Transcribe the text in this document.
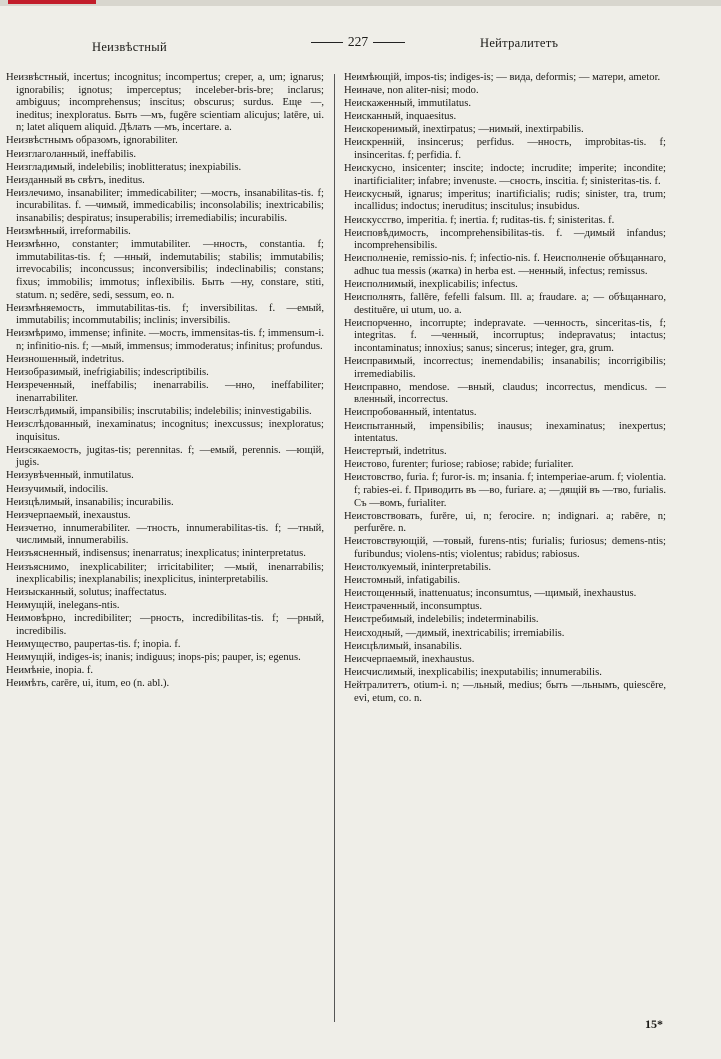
Неизвѣстный	227	Нейтралитетъ
Неизвѣстный, incertus; incognitus; incompertus; creper, a, um; ignarus; ignorabilis; ignotus; imperceptus; inceleber-bris-bre; inclarus; ambiguus; incomprehensus; inscitus; obscurus; surdus. Еще —, ineditus; inexploratus. Быть —мъ, fugěre scientiam alicujus; latēre, ui. n; latet aliquem aliquid. Дѣлать —мъ, incertare. a.
Неизвѣстнымъ образомъ, ignorabiliter.
Неизглаголанный, ineffabilis.
Неизгладимый, indelebilis; inoblitteratus; inexpiabilis.
Неизданный въ свѣтъ, ineditus.
Неизлечимо, insanabiliter; immedicabiliter; —мость, insanabilitas-tis. f; incurabilitas. f. —чимый, immedicabilis; inconsolabilis; inextricabilis; insanabilis; despiratus; insuperabilis; irremediabilis; incurabilis.
Неизмѣнный, irreformabilis.
Неизмѣнно, constanter; immutabiliter. —нность, constantia. f; immutabilitas-tis. f; —нный, indemutabilis; stabilis; immutabilis; irrevocabilis; inconcussus; inconversibilis; indeclinabilis; constans; fixus; immobilis; immotus; inflexibilis. Быть —ну, constare, stiti, statum. n; sedēre, sedi, sessum, eo. n.
Неизмѣняемость, immutabilitas-tis. f; inversibilitas. f. —емый, immutabilis; incommutabilis; inclinis; inversibilis.
Неизмѣримо, immense; infinite. —мость, immensitas-tis. f; immensum-i. n; infinitio-nis. f; —мый, immensus; immoderatus; infinitus; profundus.
Неизношенный, indetritus.
Неизобразимый, inefrigiabilis; indescriptibilis.
Неизреченный, ineffabilis; inenarrabilis. —нно, ineffabiliter; inenarrabiliter.
Неизслѣдимый, impansibilis; inscrutabilis; indelebilis; ininvestigabilis.
Неизслѣдованный, inexaminatus; incognitus; inexcussus; inexploratus; inquisitus.
Неизсякаемость, jugitas-tis; perennitas. f; —емый, perennis. —ющій, jugis.
Неизувѣченный, inmutilatus.
Неизучимый, indocilis.
Неизцѣлимый, insanabilis; incurabilis.
Неизчерпаемый, inexaustus.
Неизчетно, innumerabiliter. —тность, innumerabilitas-tis. f; —тный, числимый, innumerabilis.
Неизъясненный, indisensus; inenarratus; inexplicatus; ininterpretatus.
Неизъяснимо, inexplicabiliter; irricitabiliter; —мый, inenarrabilis; inexplicabilis; inexplanabilis; inexplicitus, ininterpretabilis.
Неизысканный, solutus; inaffectatus.
Неимущій, inelegans-ntis.
Неимовѣрно, incredibiliter; —рность, incredibilitas-tis. f; —рный, incredibilis.
Неимущество, paupertas-tis. f; inopia. f.
Неимущій, indiges-is; inanis; indiguus; inops-pis; pauper, is; egenus.
Неимѣніе, inopia. f.
Неимѣть, carēre, ui, itum, eo (n. abl.).
Неимѣющій, impos-tis; indiges-is; — вида, deformis; — матери, ametor.
Неиначе, non aliter-nisi; modo.
Неискаженный, immutilatus.
Неисканный, inquaesitus.
Неискоренимый, inextirpatus; —нимый, inextirpabilis.
Неискренній, insincerus; perfidus. —нность, improbitas-tis. f; insinceritas. f; perfidia. f.
Неискусно, insicenter; inscite; indocte; incruditе; imperite; incondite; inartificialiter; infabre; invenuste. —сность, inscitia. f; sinisteritas-tis. f.
Неискусный, ignarus; imperitus; inartificialis; rudis; sinister, tra, trum; incallidus; indoctus; ineruditus; inscitulus; insubidus.
Неискусство, imperitia. f; inertia. f; ruditas-tis. f; sinisteritas. f.
Неисповѣдимость, incomprehensibilitas-tis. f. —димый infandus; incomprehensibilis.
Неисполненіе, remissio-nis. f; infectio-nis. f. Неисполненіе обѣщаннаго, adhuc tua messis (жатка) in herba est. —ненный, infectus; remissus.
Неисполнимый, inexplicabilis; infectus.
Неисполнять, fallēre, fefelli falsum. Ill. a; fraudare. a; — обѣщаннаго, destituěre, ui utum, uo. a.
Неиспорченно, incorrupte; indepravate. —ченность, sinceritas-tis, f; integritas. f. —ченный, incorruptus; indepravatus; intactus; incontaminatus; innoxius; sanus; sincerus; integer, gra, grum.
Неисправимый, incorrectus; inemendabilis; insanabilis; incorrigibilis; irremediabilis.
Неисправно, mendose. —вный, claudus; incorrectus, mendicus. —вленный, incorrectus.
Неиспробованный, intentatus.
Неиспытанный, impensibilis; inausus; inexaminatus; inexpertus; intentatus.
Неистертый, indetritus.
Неистово, furenter; furiose; rabiose; rabide; furialiter.
Неистовство, furia. f; furor-is. m; insania. f; intemperiae-arum. f; violentia. f; rabies-ei. f. Приводить въ —во, furiare. a; —дящій въ —тво, furialis. Съ —вомъ, furialiter.
Неистовствовать, furěre, ui, n; ferocire. n; indignari. a; rabēre, n; perfurěre. n.
Неистовствующій, —товый, furens-ntis; furialis; furiosus; demens-ntis; furibundus; violens-ntis; violentus; rabidus; rabiosus.
Неистолкуемый, ininterpretabilis.
Неистомный, infatigabilis.
Неистощенный, inattenuatus; inconsumtus, —щимый, inexhaustus.
Неистраченный, inconsumptus.
Неистребимый, indelebilis; indeterminabilis.
Неисходный, —димый, inextricabilis; irremiabilis.
Неисцѣлимый, insanabilis.
Неисчерпаемый, inexhaustus.
Неисчислимый, inexplicabilis; inexputabilis; innumerabilis.
Нейтралитетъ, otium-i. n; —льный, medius; быть —льнымъ, quiescěre, evi, etum, co. n.
15*
